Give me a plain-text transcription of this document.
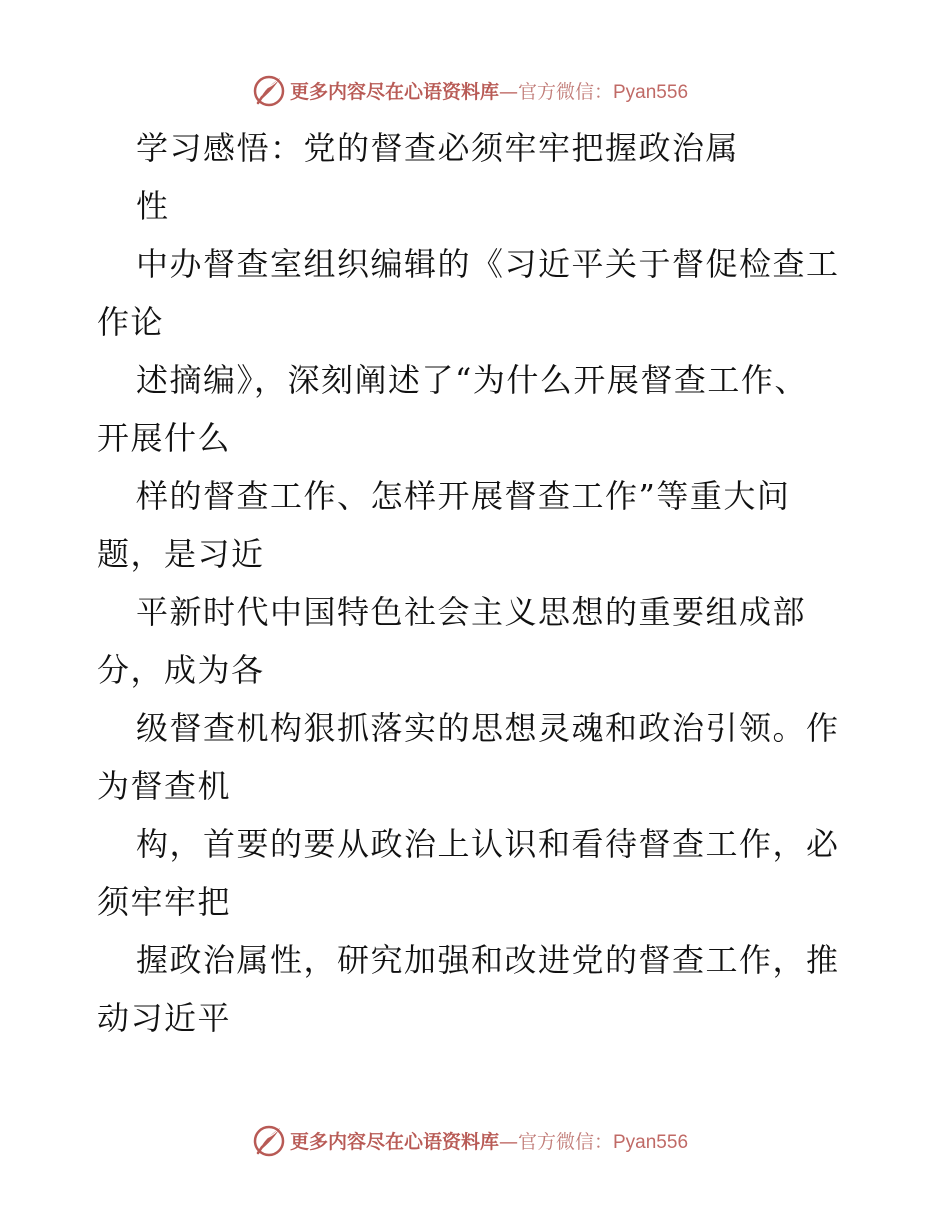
更多内容尽在心语资料库—官方微信：Pyan556
学习感悟：党的督查必须牢牢把握政治属
性
中办督查室组织编辑的《习近平关于督促检查工
作论
述摘编》，深刻阐述了“为什么开展督查工作、
开展什么
样的督查工作、怎样开展督查工作”等重大问
题，是习近
平新时代中国特色社会主义思想的重要组成部
分，成为各
级督查机构狠抓落实的思想灵魂和政治引领。作
为督查机
构，首要的要从政治上认识和看待督查工作，必
须牢牢把
握政治属性，研究加强和改进党的督查工作，推
动习近平
更多内容尽在心语资料库—官方微信：Pyan556
